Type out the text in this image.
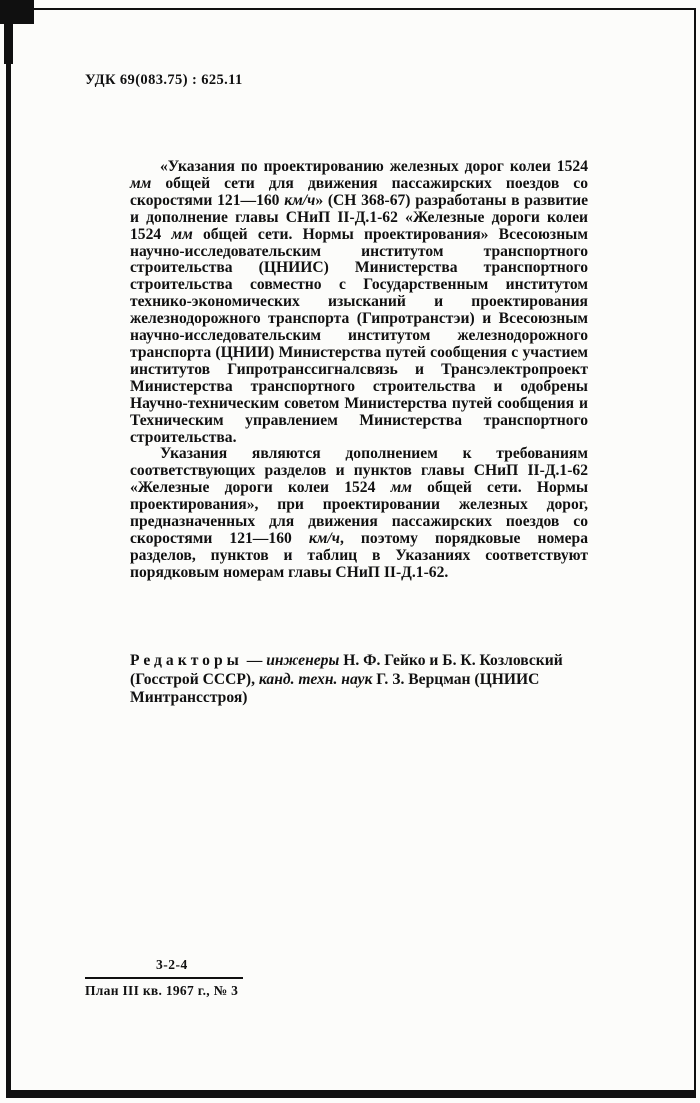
УДК 69(083.75) : 625.11

«Указания по проектированию железных дорог колеи 1524 мм общей сети для движения пассажирских поездов со скоростями 121—160 км/ч» (СН 368-67) разработаны в развитие и дополнение главы СНиП II-Д.1-62 «Железные дороги колеи 1524 мм общей сети. Нормы проектирования» Всесоюзным научно-исследовательским институтом транспортного строительства (ЦНИИС) Министерства транспортного строительства совместно с Государственным институтом технико-экономических изысканий и проектирования железнодорожного транспорта (Гипротранстэи) и Всесоюзным научно-исследовательским институтом железнодорожного транспорта (ЦНИИ) Министерства путей сообщения с участием институтов Гипротранссигналсвязь и Трансэлектропроект Министерства транспортного строительства и одобрены Научно-техническим советом Министерства путей сообщения и Техническим управлением Министерства транспортного строительства.

Указания являются дополнением к требованиям соответствующих разделов и пунктов главы СНиП II-Д.1-62 «Железные дороги колеи 1524 мм общей сети. Нормы проектирования», при проектировании железных дорог, предназначенных для движения пассажирских поездов со скоростями 121—160 км/ч, поэтому порядковые номера разделов, пунктов и таблиц в Указаниях соответствуют порядковым номерам главы СНиП II-Д.1-62.

Редакторы — инженеры Н. Ф. Гейко и Б. К. Козловский (Госстрой СССР), канд. техн. наук Г. З. Верцман (ЦНИИС Минтрансстроя)
3-2-4
План III кв. 1967 г., № 3
